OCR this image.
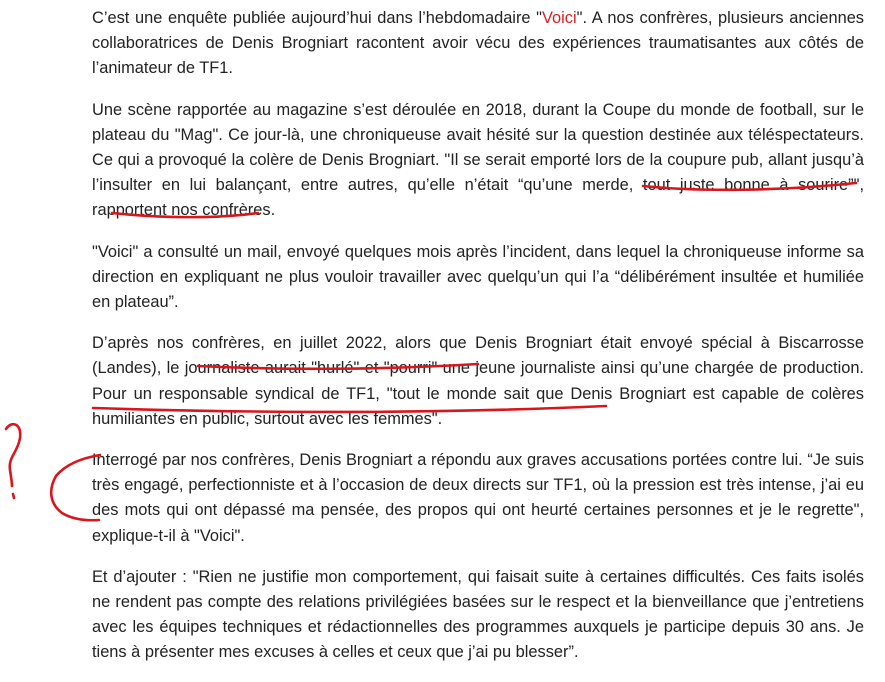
C’est une enquête publiée aujourd’hui dans l’hebdomadaire "Voici". A nos confrères, plusieurs anciennes collaboratrices de Denis Brogniart racontent avoir vécu des expériences traumatisantes aux côtés de l’animateur de TF1.

Une scène rapportée au magazine s’est déroulée en 2018, durant la Coupe du monde de football, sur le plateau du "Mag". Ce jour-là, une chroniqueuse avait hésité sur la question destinée aux téléspectateurs. Ce qui a provoqué la colère de Denis Brogniart. "Il se serait emporté lors de la coupure pub, allant jusqu’à l’insulter en lui balançant, entre autres, qu’elle n’était “qu’une merde, tout juste bonne à sourire”", rapportent nos confrères.

"Voici" a consulté un mail, envoyé quelques mois après l’incident, dans lequel la chroniqueuse informe sa direction en expliquant ne plus vouloir travailler avec quelqu’un qui l’a “délibérément insultée et humiliée en plateau”.

D’après nos confrères, en juillet 2022, alors que Denis Brogniart était envoyé spécial à Biscarrosse (Landes), le journaliste aurait "hurlé" et "pourri" une jeune journaliste ainsi qu’une chargée de production. Pour un responsable syndical de TF1, "tout le monde sait que Denis Brogniart est capable de colères humiliantes en public, surtout avec les femmes".

Interrogé par nos confrères, Denis Brogniart a répondu aux graves accusations portées contre lui. “Je suis très engagé, perfectionniste et à l’occasion de deux directs sur TF1, où la pression est très intense, j’ai eu des mots qui ont dépassé ma pensée, des propos qui ont heurté certaines personnes et je le regrette", explique-t-il à "Voici".

Et d’ajouter : "Rien ne justifie mon comportement, qui faisait suite à certaines difficultés. Ces faits isolés ne rendent pas compte des relations privilégiées basées sur le respect et la bienveillance que j’entretiens avec les équipes techniques et rédactionnelles des programmes auxquels je participe depuis 30 ans. Je tiens à présenter mes excuses à celles et ceux que j’ai pu blesser”.
